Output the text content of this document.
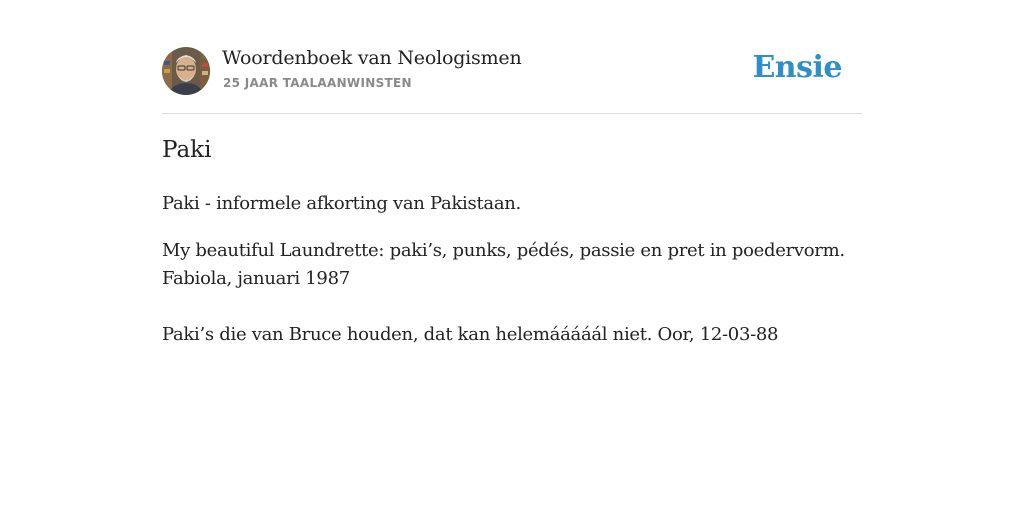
Woordenboek van Neologismen
25 JAAR TAALAANWINSTEN	Ensie
Paki

Paki - informele afkorting van Pakistaan.

My beautiful Laundrette: paki’s, punks, pédés, passie en pret in poedervorm.
Fabiola, januari 1987
Paki’s die van Bruce houden, dat kan helemááááál niet. Oor, 12-03-88
